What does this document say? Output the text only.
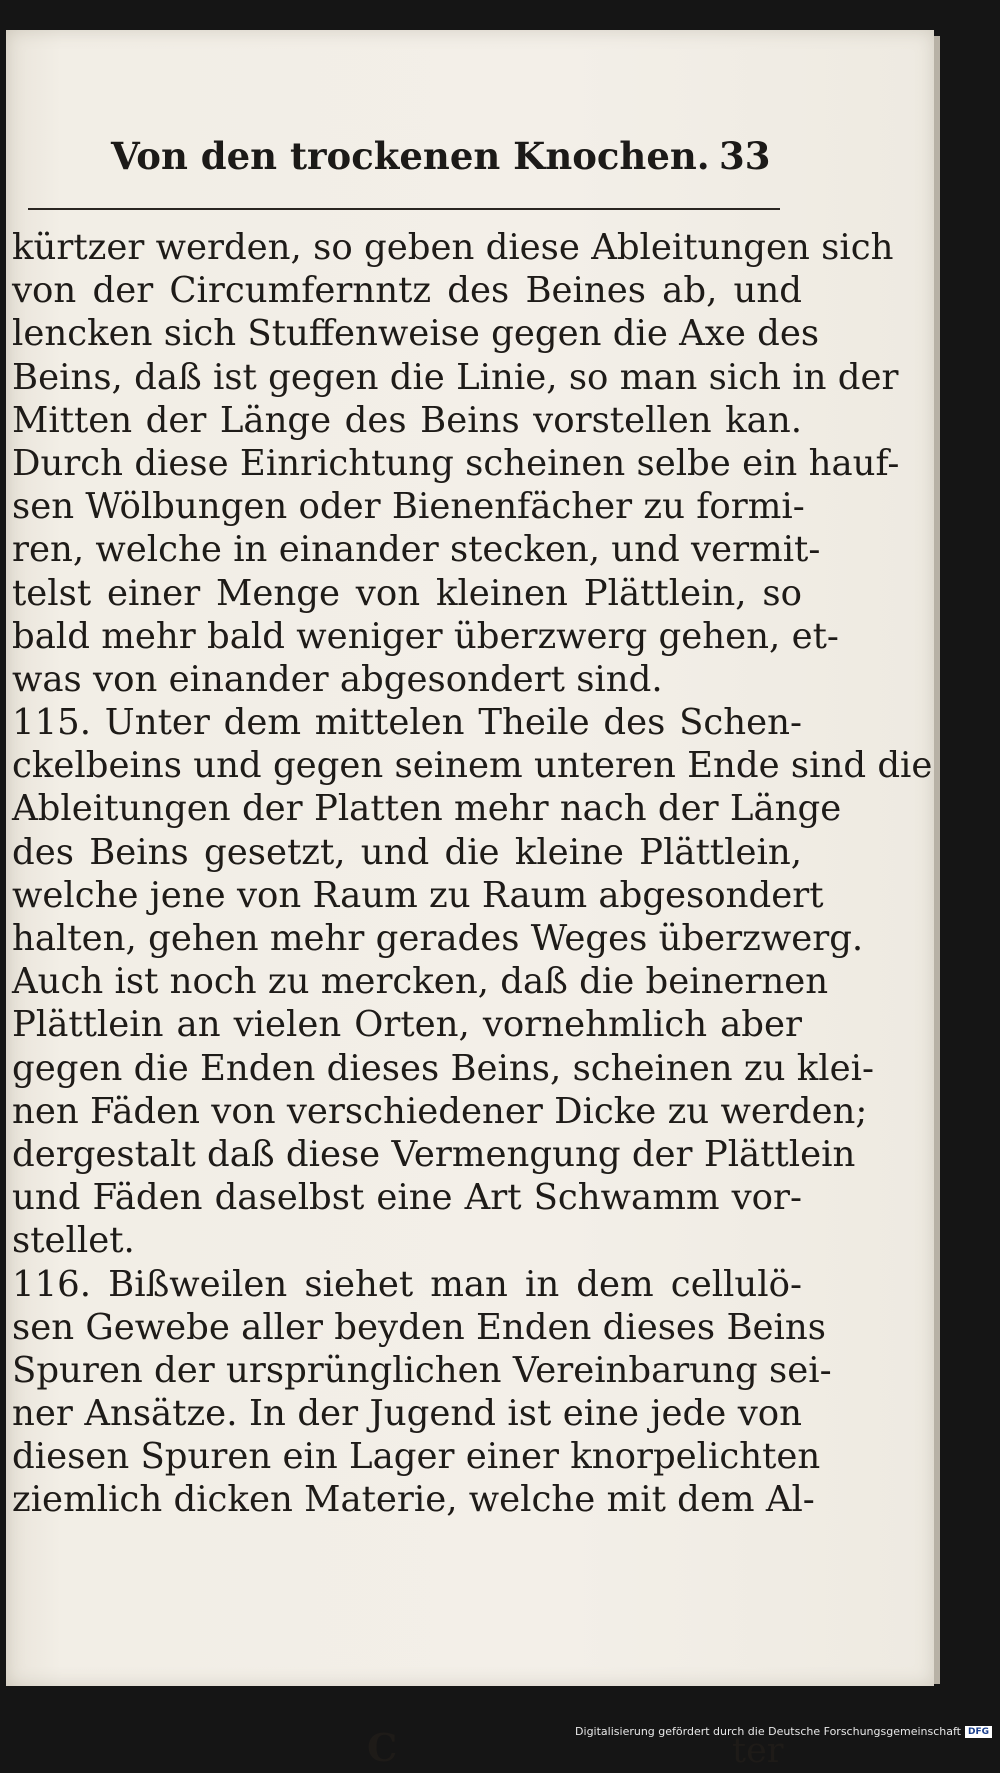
Von den trockenen Knochen. 33
kürtzer werden, so geben diese Ableitungen sich
von der Circumfernntz des Beines ab, und
lencken sich Stuffenweise gegen die Axe des
Beins, daß ist gegen die Linie, so man sich in der
Mitten der Länge des Beins vorstellen kan.
Durch diese Einrichtung scheinen selbe ein hauf-
sen Wölbungen oder Bienenfächer zu formi-
ren, welche in einander stecken, und vermit-
telst einer Menge von kleinen Plättlein, so
bald mehr bald weniger überzwerg gehen, et-
was von einander abgesondert sind.
115. Unter dem mittelen Theile des Schen-
ckelbeins und gegen seinem unteren Ende sind die
Ableitungen der Platten mehr nach der Länge
des Beins gesetzt, und die kleine Plättlein,
welche jene von Raum zu Raum abgesondert
halten, gehen mehr gerades Weges überzwerg.
Auch ist noch zu mercken, daß die beinernen
Plättlein an vielen Orten, vornehmlich aber
gegen die Enden dieses Beins, scheinen zu klei-
nen Fäden von verschiedener Dicke zu werden;
dergestalt daß diese Vermengung der Plättlein
und Fäden daselbst eine Art Schwamm vor-
stellet.
116. Bißweilen siehet man in dem cellulö-
sen Gewebe aller beyden Enden dieses Beins
Spuren der ursprünglichen Vereinbarung sei-
ner Ansätze. In der Jugend ist eine jede von
diesen Spuren ein Lager einer knorpelichten
ziemlich dicken Materie, welche mit dem Al-
C	ter
Digitalisierung gefördert durch die Deutsche Forschungsgemeinschaft DFG
